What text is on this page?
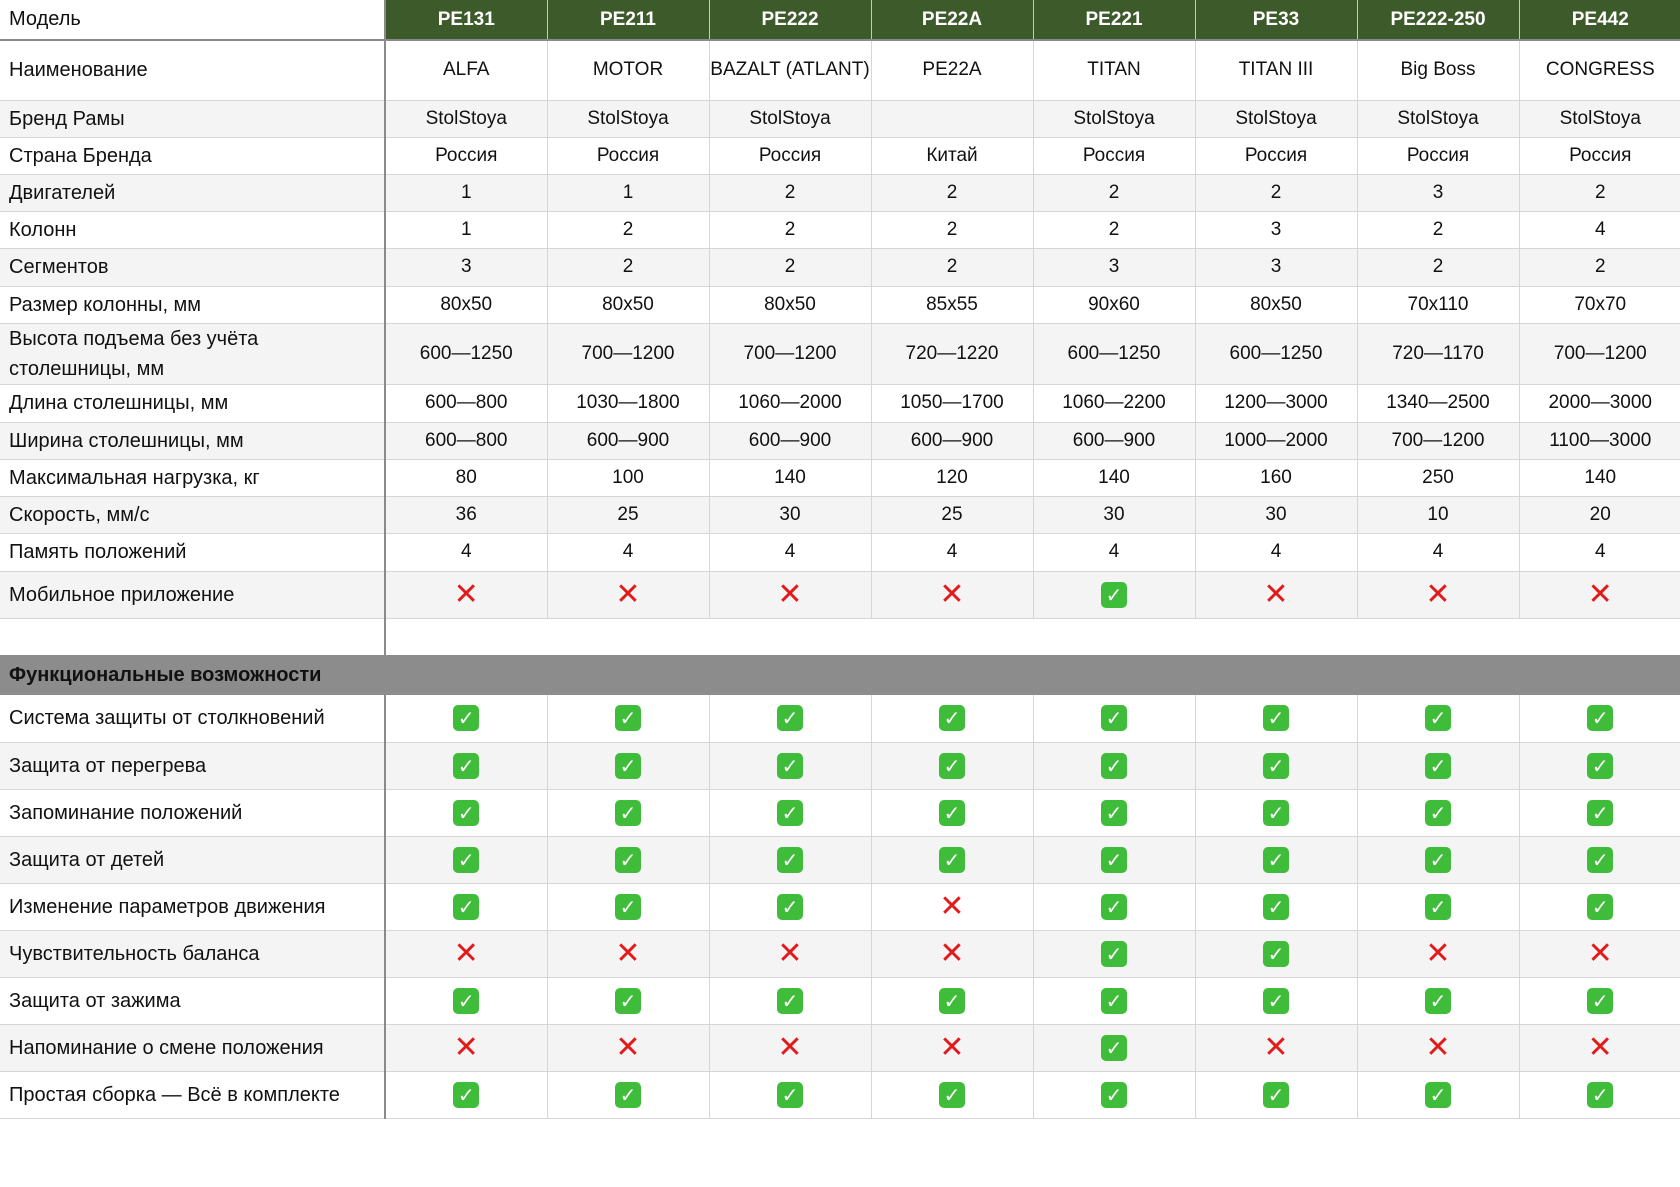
Модель	PE131	PE211	PE222	PE22A	PE221	PE33	PE222-250	PE442
Наименование	ALFA	MOTOR	BAZALT (ATLANT)	PE22A	TITAN	TITAN III	Big Boss	CONGRESS
Бренд Рамы	StolStoya	StolStoya	StolStoya		StolStoya	StolStoya	StolStoya	StolStoya
Страна Бренда	Россия	Россия	Россия	Китай	Россия	Россия	Россия	Россия
Двигателей	1	1	2	2	2	2	3	2
Колонн	1	2	2	2	2	3	2	4
Сегментов	3	2	2	2	3	3	2	2
Размер колонны, мм	80x50	80x50	80x50	85x55	90x60	80x50	70x110	70x70
Высота подъема без учёта столешницы, мм	600—1250	700—1200	700—1200	720—1220	600—1250	600—1250	720—1170	700—1200
Длина столешницы, мм	600—800	1030—1800	1060—2000	1050—1700	1060—2200	1200—3000	1340—2500	2000—3000
Ширина столешницы, мм	600—800	600—900	600—900	600—900	600—900	1000—2000	700—1200	1100—3000
Максимальная нагрузка, кг	80	100	140	120	140	160	250	140
Скорость, мм/с	36	25	30	25	30	30	10	20
Память положений	4	4	4	4	4	4	4	4
Мобильное приложение	✕	✕	✕	✕	✓	✕	✕	✕

Функциональные возможности								
Система защиты от столкновений	✓	✓	✓	✓	✓	✓	✓	✓
Защита от перегрева	✓	✓	✓	✓	✓	✓	✓	✓
Запоминание положений	✓	✓	✓	✓	✓	✓	✓	✓
Защита от детей	✓	✓	✓	✓	✓	✓	✓	✓
Изменение параметров движения	✓	✓	✓	✕	✓	✓	✓	✓
Чувствительность баланса	✕	✕	✕	✕	✓	✓	✕	✕
Защита от зажима	✓	✓	✓	✓	✓	✓	✓	✓
Напоминание о смене положения	✕	✕	✕	✕	✓	✕	✕	✕
Простая сборка — Всё в комплекте	✓	✓	✓	✓	✓	✓	✓	✓
